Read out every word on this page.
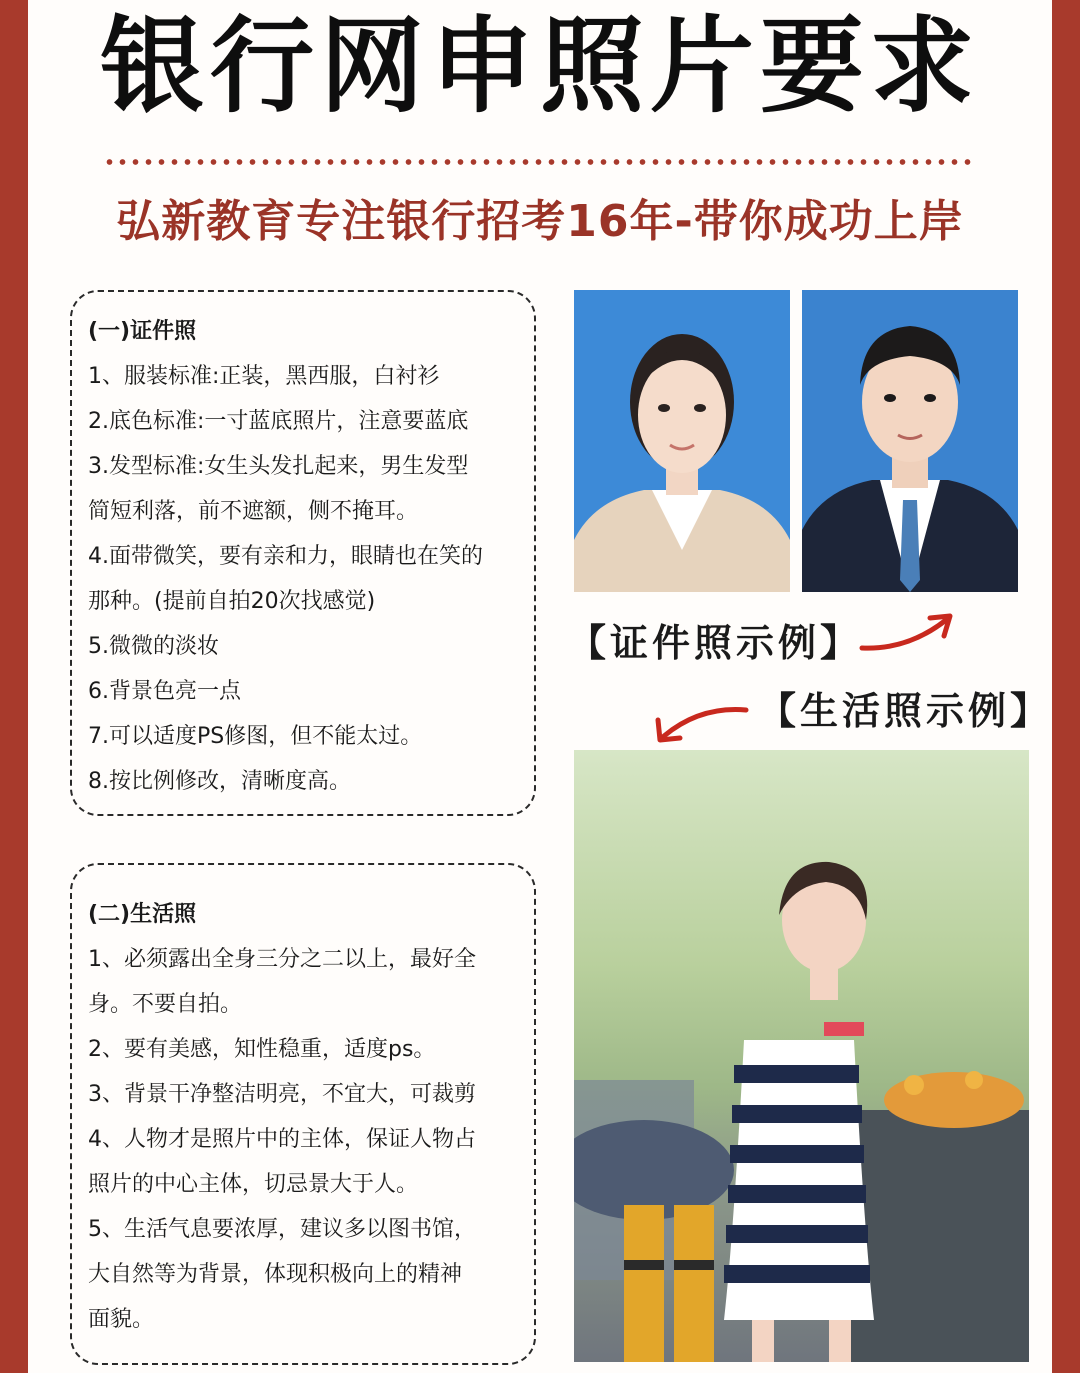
银行网申照片要求
弘新教育专注银行招考16年-带你成功上岸
(一)证件照
1、服装标准:正装，黑西服，白衬衫
2.底色标准:一寸蓝底照片，注意要蓝底
3.发型标准:女生头发扎起来，男生发型
简短利落，前不遮额，侧不掩耳。
4.面带微笑，要有亲和力，眼睛也在笑的
那种。(提前自拍20次找感觉)
5.微微的淡妆
6.背景色亮一点
7.可以适度PS修图，但不能太过。
8.按比例修改，清晰度高。
(二)生活照
1、必须露出全身三分之二以上，最好全
身。不要自拍。
2、要有美感，知性稳重，适度ps。
3、背景干净整洁明亮，不宜大，可裁剪
4、人物才是照片中的主体，保证人物占
照片的中心主体，切忌景大于人。
5、生活气息要浓厚，建议多以图书馆，
大自然等为背景，体现积极向上的精神
面貌。
【证件照示例】
【生活照示例】
